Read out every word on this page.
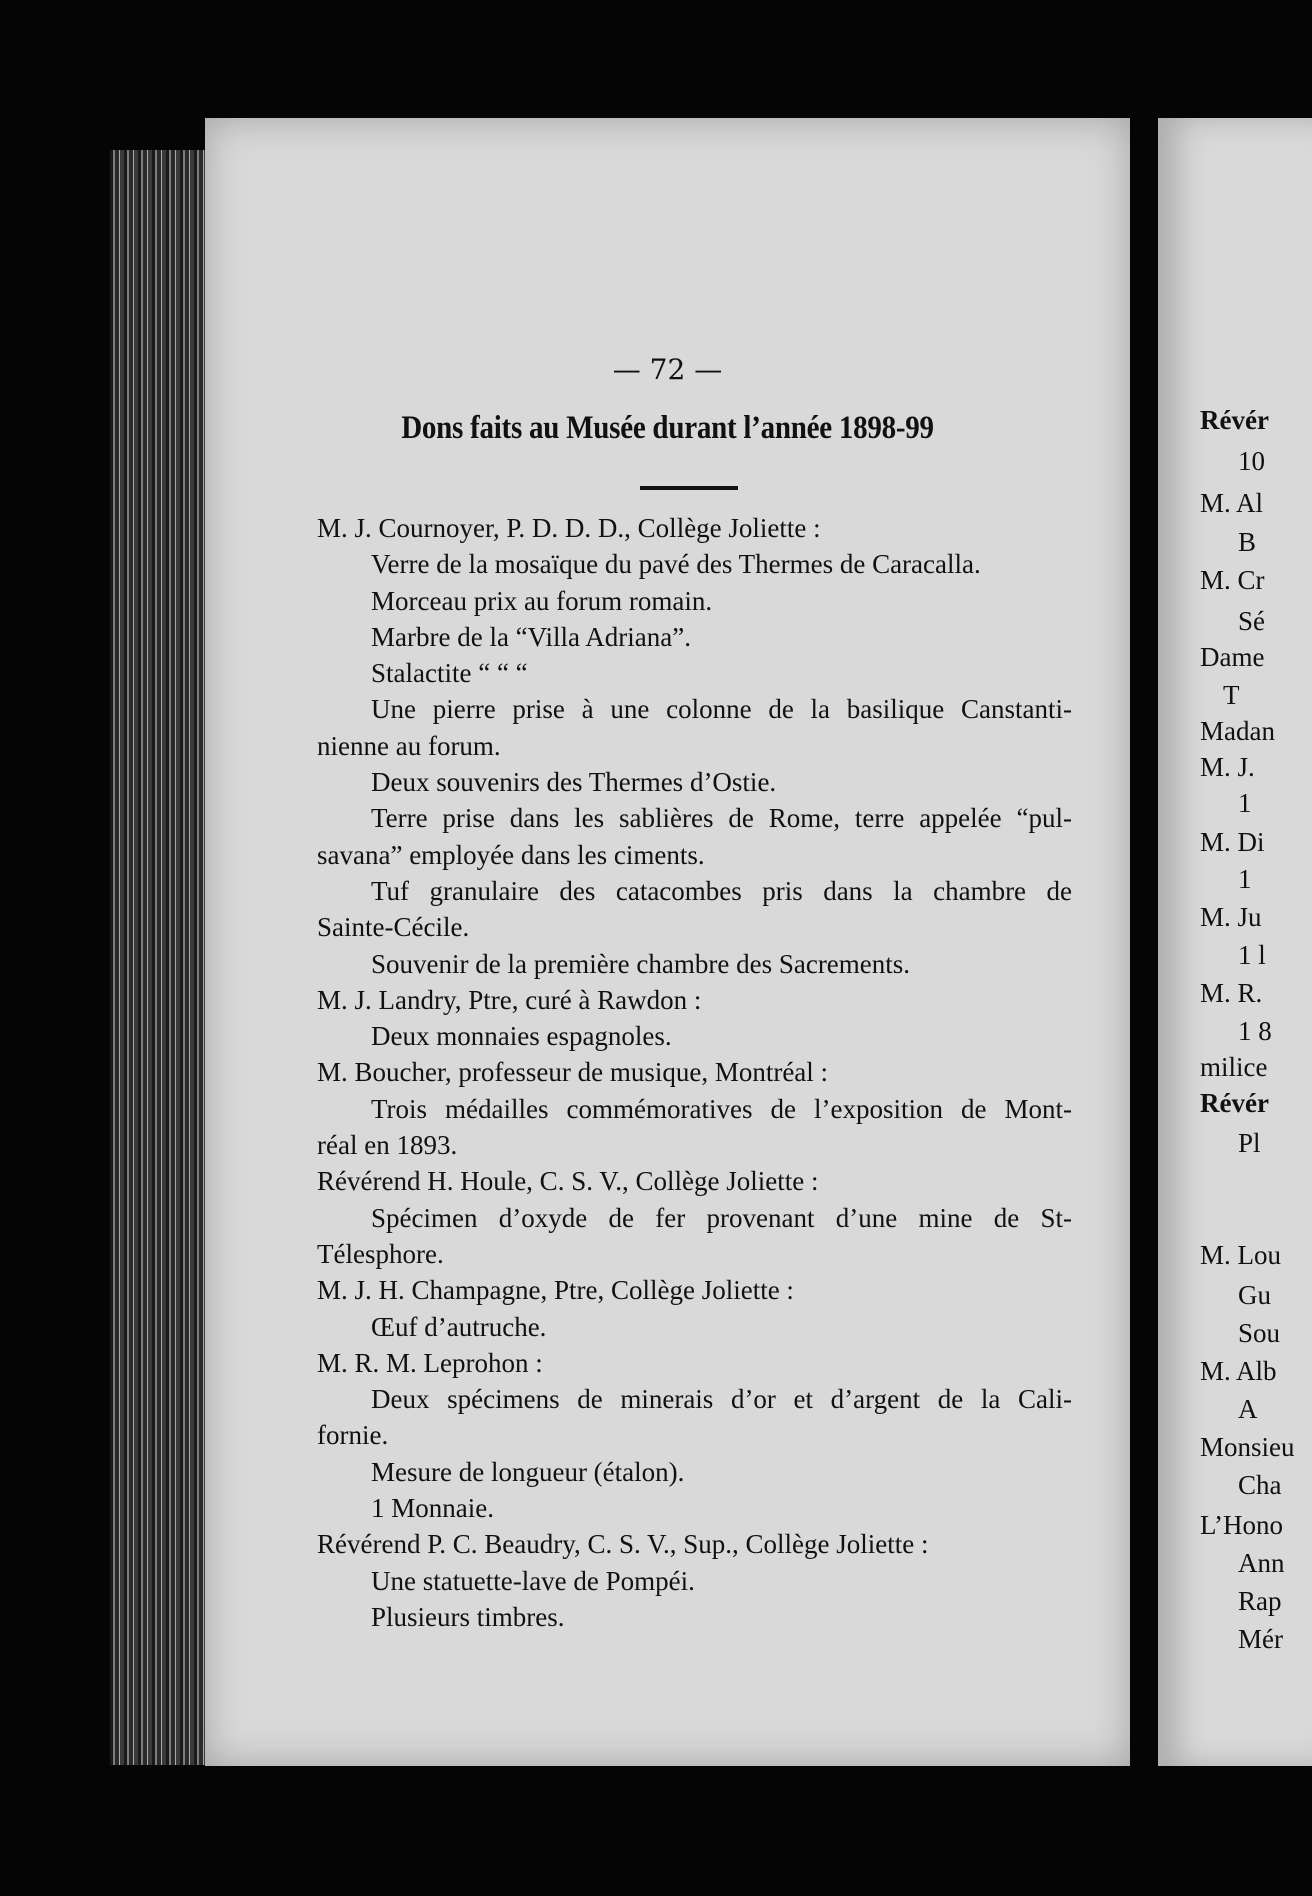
— 72 —
Dons faits au Musée durant l’année 1898-99
M. J. Cournoyer, P. D. D. D., Collège Joliette :
Verre de la mosaïque du pavé des Thermes de Caracalla.
Morceau prix au forum romain.
Marbre de la “Villa Adriana”.
Stalactite “ “ “
Une pierre prise à une colonne de la basilique Canstanti-
nienne au forum.
Deux souvenirs des Thermes d’Ostie.
Terre prise dans les sablières de Rome, terre appelée “pul-
savana” employée dans les ciments.
Tuf granulaire des catacombes pris dans la chambre de
Sainte-Cécile.
Souvenir de la première chambre des Sacrements.
M. J. Landry, Ptre, curé à Rawdon :
Deux monnaies espagnoles.
M. Boucher, professeur de musique, Montréal :
Trois médailles commémoratives de l’exposition de Mont-
réal en 1893.
Révérend H. Houle, C. S. V., Collège Joliette :
Spécimen d’oxyde de fer provenant d’une mine de St-
Télesphore.
M. J. H. Champagne, Ptre, Collège Joliette :
Œuf d’autruche.
M. R. M. Leprohon :
Deux spécimens de minerais d’or et d’argent de la Cali-
fornie.
Mesure de longueur (étalon).
1 Monnaie.
Révérend P. C. Beaudry, C. S. V., Sup., Collège Joliette :
Une statuette-lave de Pompéi.
Plusieurs timbres.
Révér
10
M. Al
B
M. Cr
Sé
Dame
T
Madan
M. J.
1
M. Di
1
M. Ju
1 l
M. R.
1 8
milice
Révér
Pl
M. Lou
Gu
Sou
M. Alb
A
Monsieu
Cha
L’Hono
Ann
Rap
Mér
